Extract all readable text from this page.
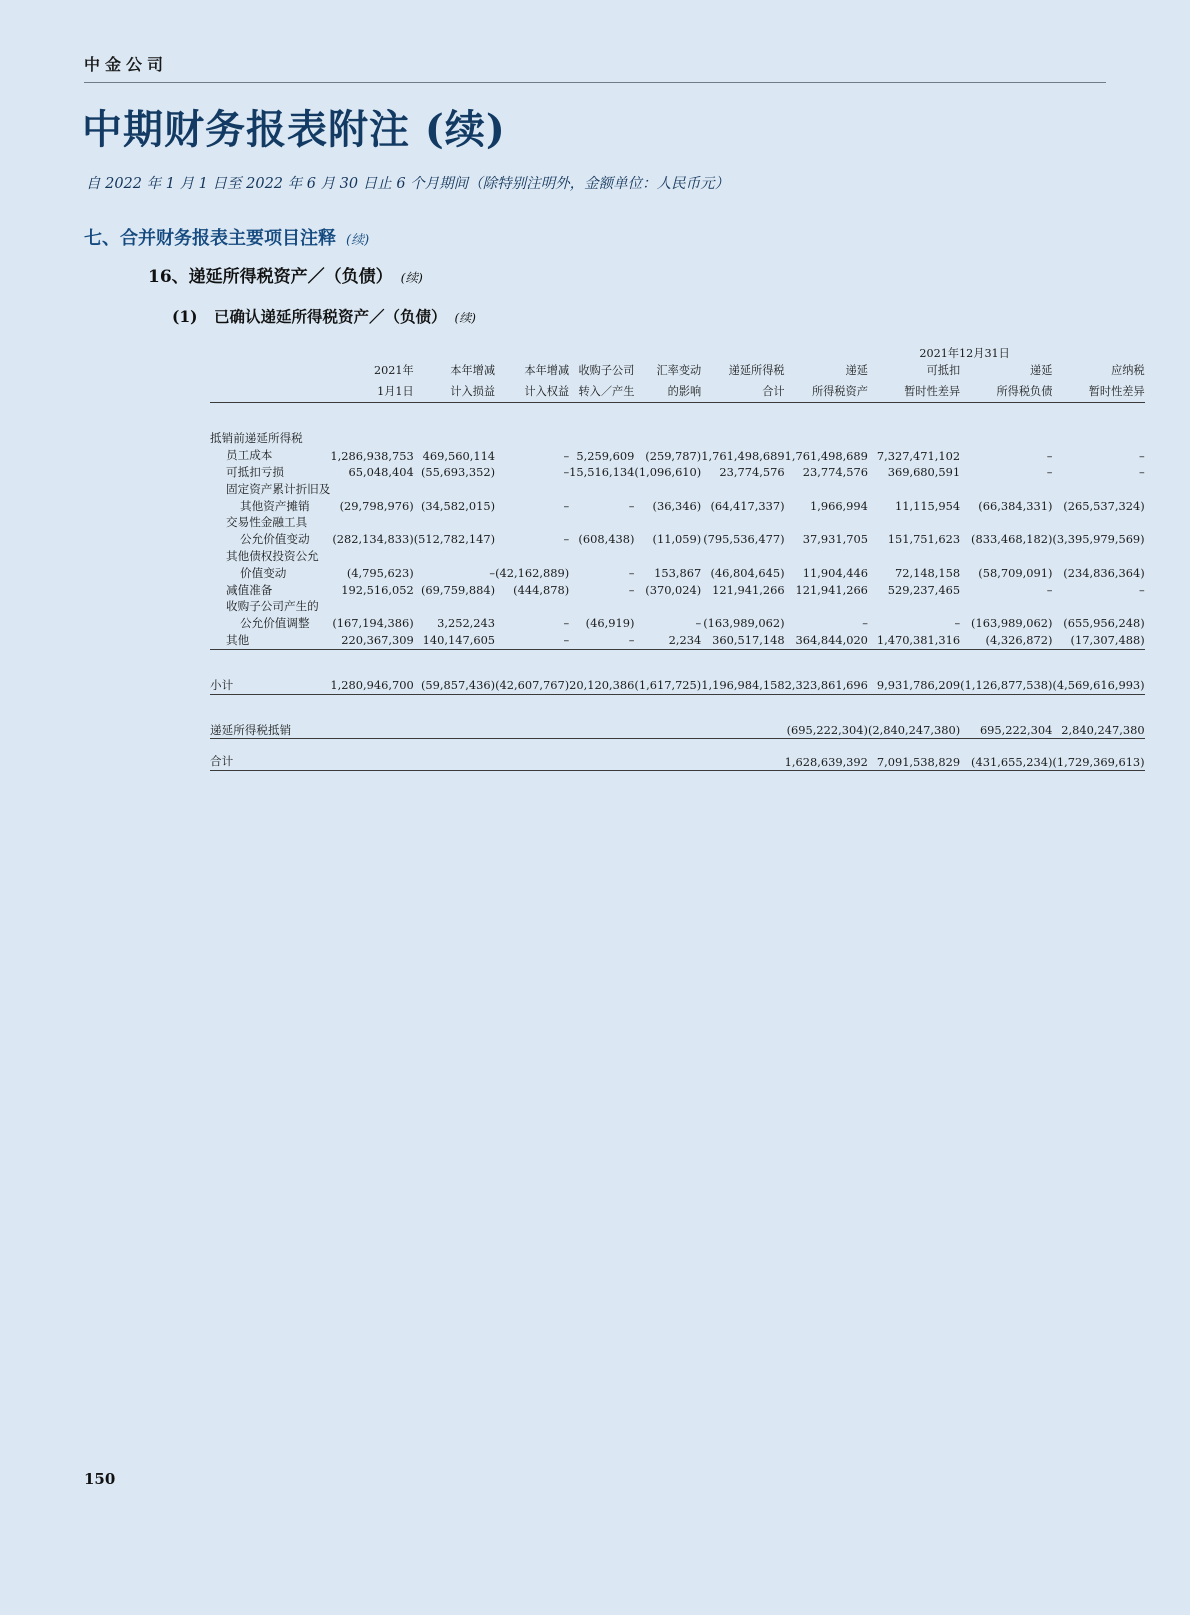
中金公司
中期财务报表附注 (续)
自 2022 年 1 月 1 日至 2022 年 6 月 30 日止 6 个月期间（除特别注明外，金额单位：人民币元）
七、合并财务报表主要项目注释 (续)
16、递延所得税资产／（负债） (续)
(1) 已确认递延所得税资产／（负债） (续)
							2021年12月31日			
	2021年	本年增减	本年增减	收购子公司	汇率变动	递延所得税	递延	可抵扣	递延	应纳税
	1月1日	计入损益	计入权益	转入／产生	的影响	合计	所得税资产	暂时性差异	所得税负债	暂时性差异

抵销前递延所得税										
员工成本	1,286,938,753	469,560,114	–	5,259,609	(259,787)	1,761,498,689	1,761,498,689	7,327,471,102	–	–
可抵扣亏损	65,048,404	(55,693,352)	–	15,516,134	(1,096,610)	23,774,576	23,774,576	369,680,591	–	–
固定资产累计折旧及										
其他资产摊销	(29,798,976)	(34,582,015)	–	–	(36,346)	(64,417,337)	1,966,994	11,115,954	(66,384,331)	(265,537,324)
交易性金融工具										
公允价值变动	(282,134,833)	(512,782,147)	–	(608,438)	(11,059)	(795,536,477)	37,931,705	151,751,623	(833,468,182)	(3,395,979,569)
其他债权投资公允										
价值变动	(4,795,623)	–	(42,162,889)	–	153,867	(46,804,645)	11,904,446	72,148,158	(58,709,091)	(234,836,364)
减值准备	192,516,052	(69,759,884)	(444,878)	–	(370,024)	121,941,266	121,941,266	529,237,465	–	–
收购子公司产生的										
公允价值调整	(167,194,386)	3,252,243	–	(46,919)	–	(163,989,062)	–	–	(163,989,062)	(655,956,248)
其他	220,367,309	140,147,605	–	–	2,234	360,517,148	364,844,020	1,470,381,316	(4,326,872)	(17,307,488)

小计	1,280,946,700	(59,857,436)	(42,607,767)	20,120,386	(1,617,725)	1,196,984,158	2,323,861,696	9,931,786,209	(1,126,877,538)	(4,569,616,993)

递延所得税抵销							(695,222,304)	(2,840,247,380)	695,222,304	2,840,247,380

合计							1,628,639,392	7,091,538,829	(431,655,234)	(1,729,369,613)

150
